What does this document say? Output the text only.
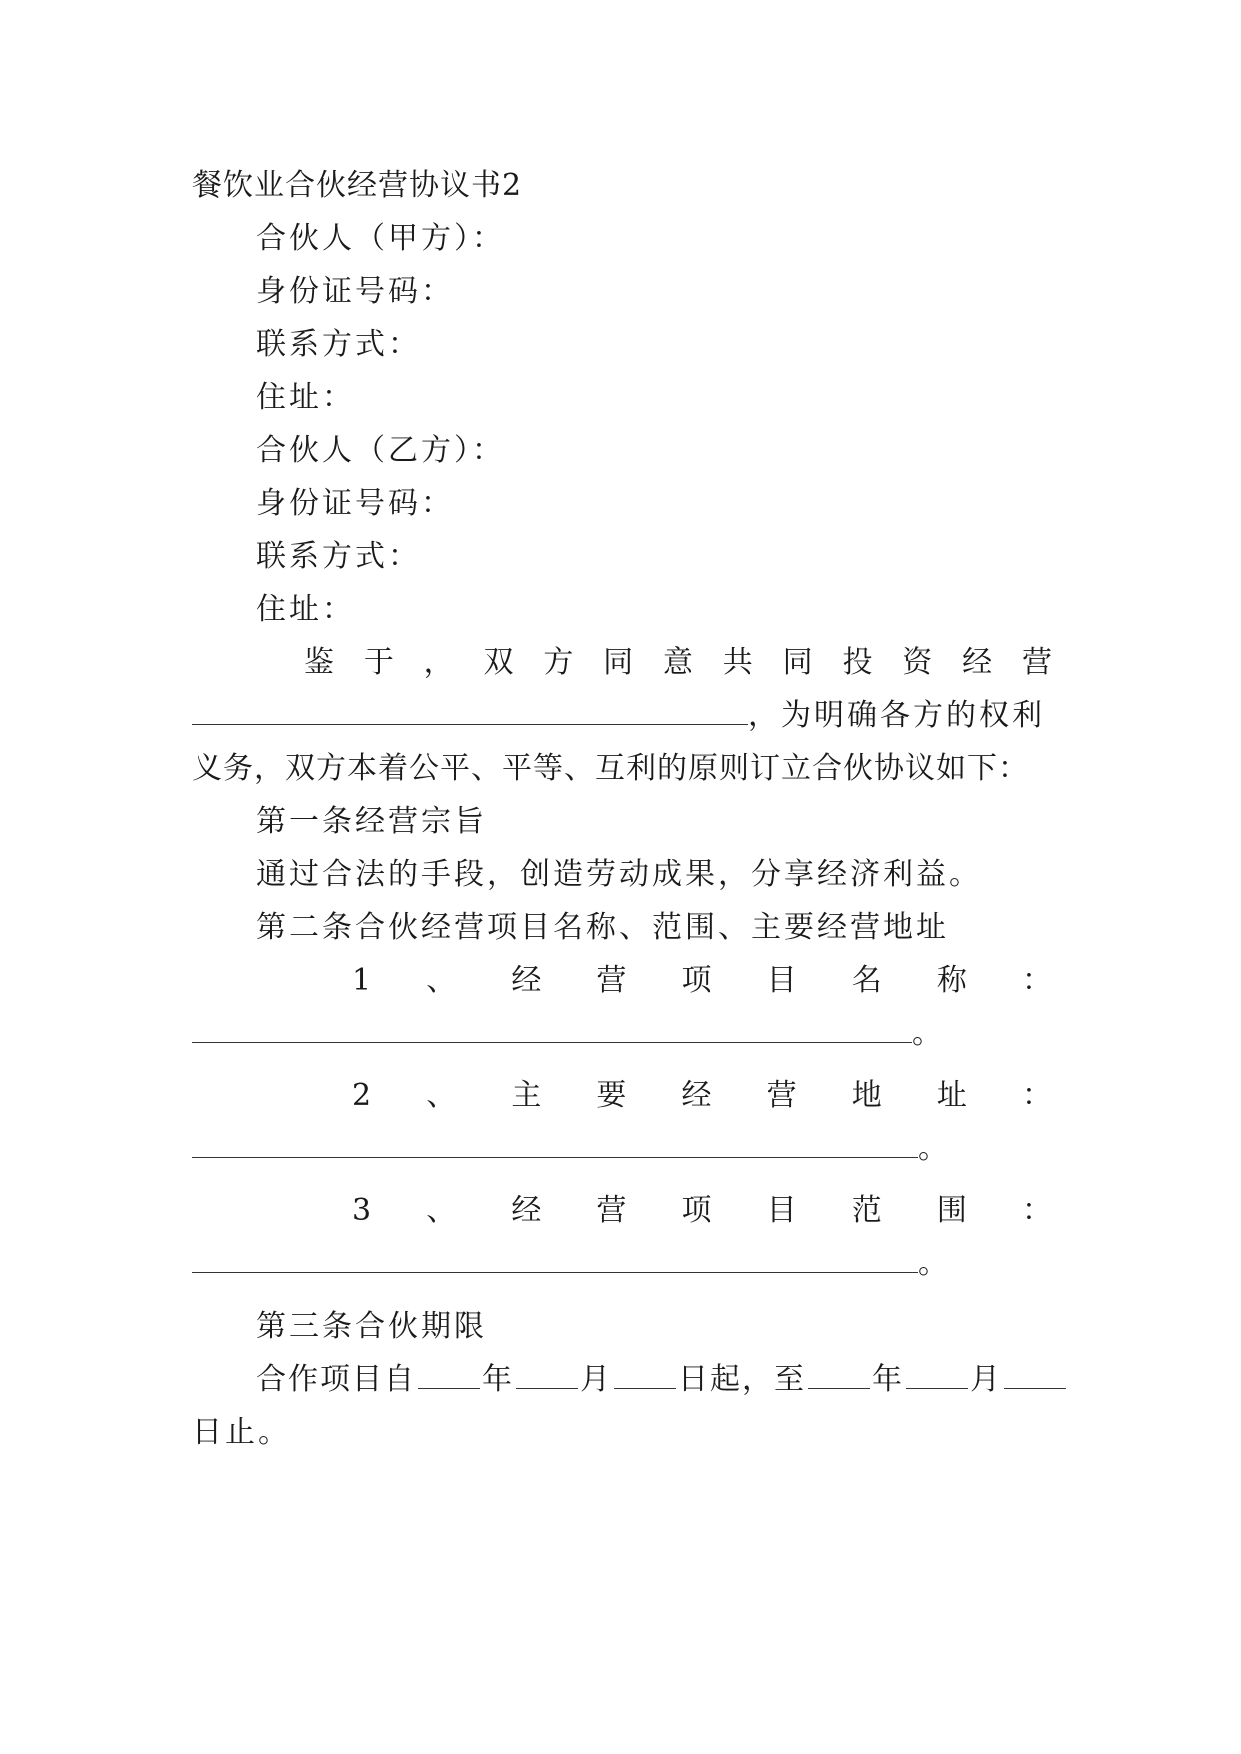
餐饮业合伙经营协议书2
合伙人（甲方）：
身份证号码：
联系方式：
住址：
合伙人（乙方）：
身份证号码：
联系方式：
住址：
鉴 于 ， 双 方 同 意 共 同 投 资 经 营
，为明确各方的权利
义务，双方本着公平、平等、互利的原则订立合伙协议如下：
第一条经营宗旨
通过合法的手段，创造劳动成果，分享经济利益。
第二条合伙经营项目名称、范围、主要经营地址
1 、 经 营 项 目 名 称 ：
。
2 、 主 要 经 营 地 址 ：
。
3 、 经 营 项 目 范 围 ：
。
第三条合伙期限
合作项目自 年 月 日起，至 年 月
日止。
